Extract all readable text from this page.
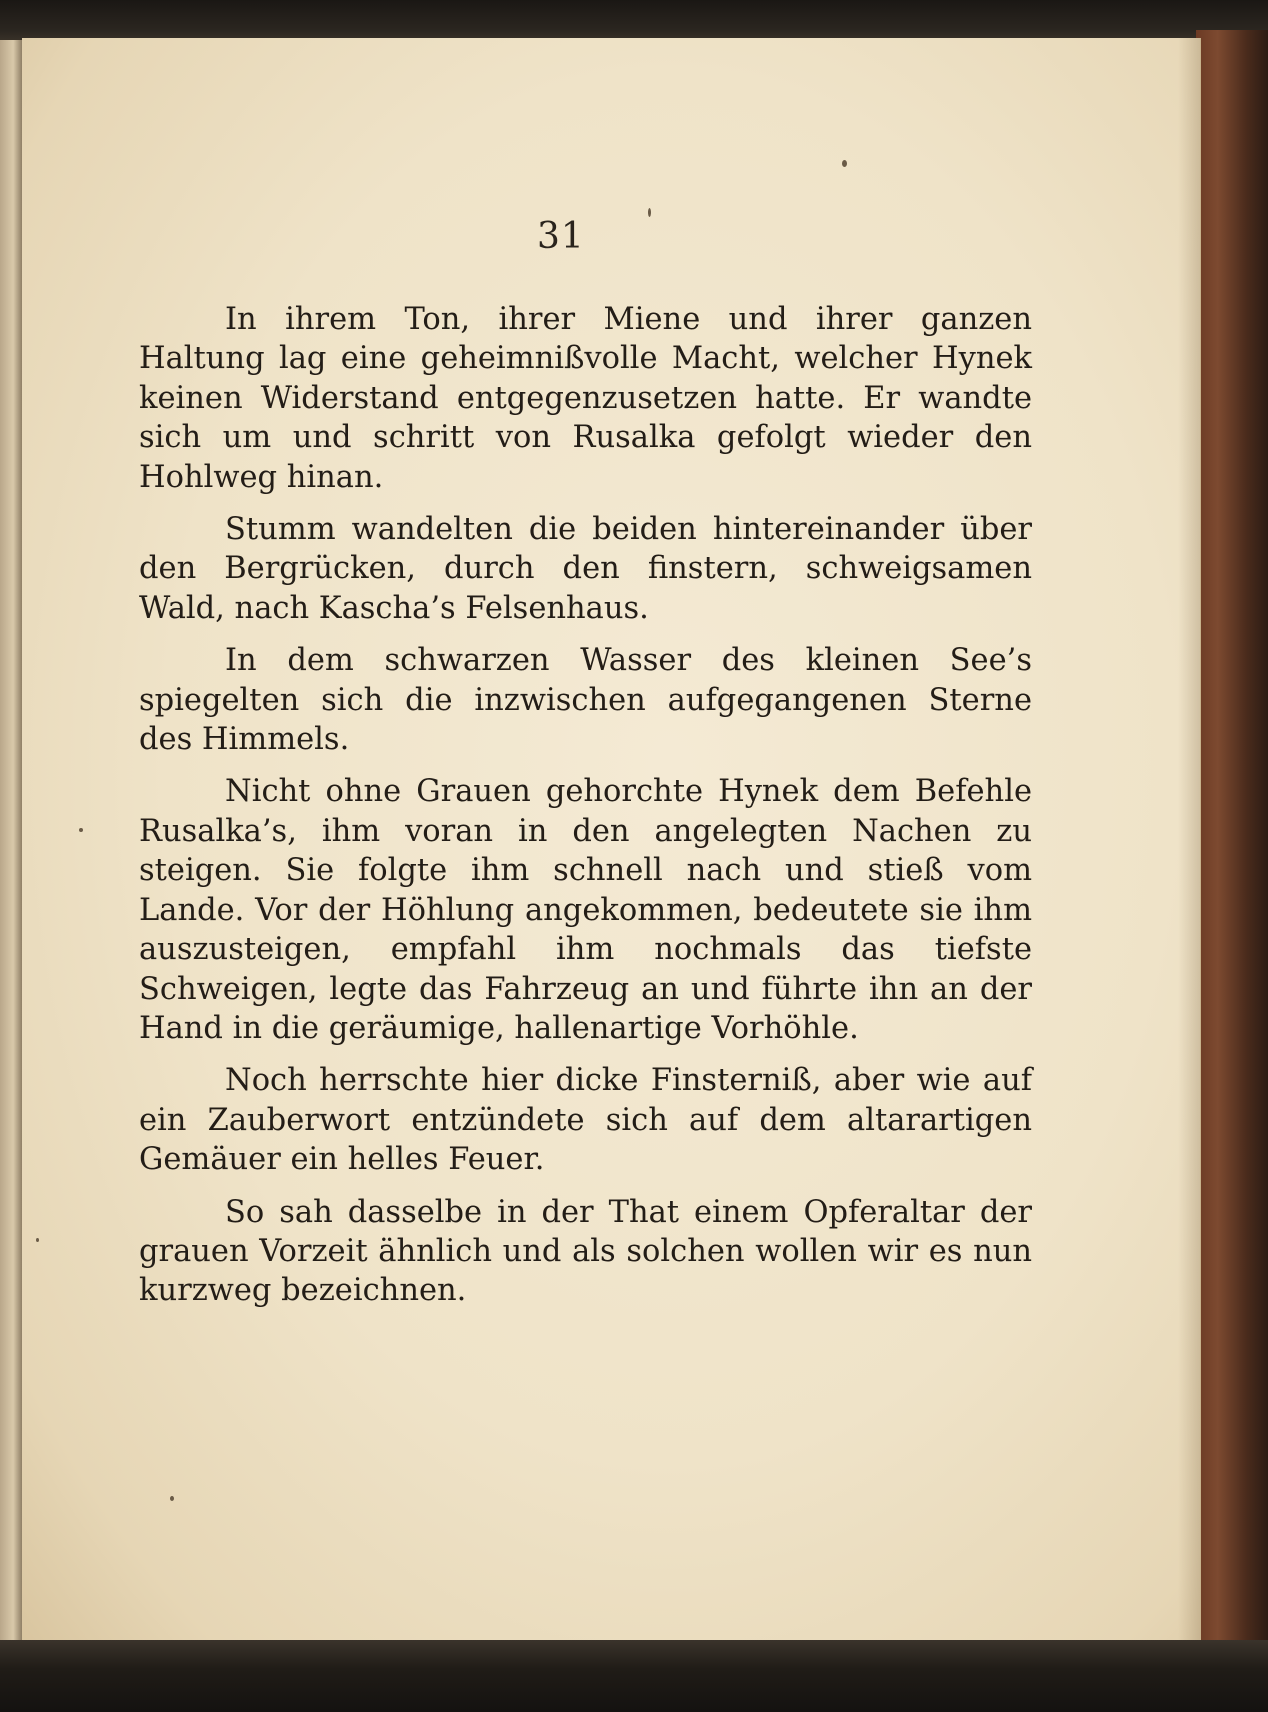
31

In ihrem Ton, ihrer Miene und ihrer ganzen Haltung lag eine geheimnißvolle Macht, welcher Hynek keinen Widerstand entgegenzusetzen hatte. Er wandte sich um und schritt von Rusalka gefolgt wieder den Hohlweg hinan.

Stumm wandelten die beiden hintereinander über den Bergrücken, durch den finstern, schweigsamen Wald, nach Kascha’s Felsenhaus.

In dem schwarzen Wasser des kleinen See’s spiegelten sich die inzwischen aufgegangenen Sterne des Himmels.

Nicht ohne Grauen gehorchte Hynek dem Befehle Rusalka’s, ihm voran in den angelegten Nachen zu steigen. Sie folgte ihm schnell nach und stieß vom Lande. Vor der Höhlung angekommen, bedeutete sie ihm auszusteigen, empfahl ihm nochmals das tiefste Schweigen, legte das Fahrzeug an und führte ihn an der Hand in die geräumige, hallenartige Vorhöhle.

Noch herrschte hier dicke Finsterniß, aber wie auf ein Zauberwort entzündete sich auf dem altarartigen Gemäuer ein helles Feuer.

So sah dasselbe in der That einem Opferaltar der grauen Vorzeit ähnlich und als solchen wollen wir es nun kurzweg bezeichnen.
